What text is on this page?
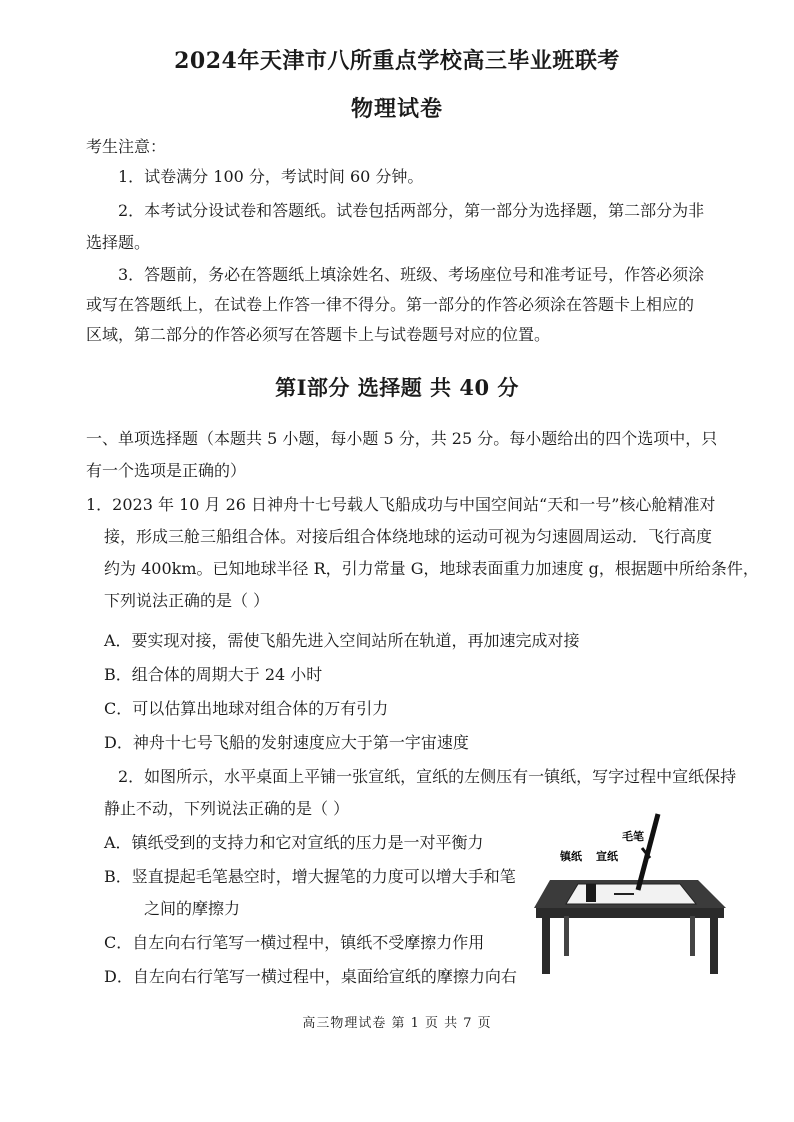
2024年天津市八所重点学校高三毕业班联考
物理试卷
考生注意：
1．试卷满分 100 分，考试时间 60 分钟。
2．本考试分设试卷和答题纸。试卷包括两部分，第一部分为选择题，第二部分为非
选择题。
3．答题前，务必在答题纸上填涂姓名、班级、考场座位号和准考证号，作答必须涂
或写在答题纸上，在试卷上作答一律不得分。第一部分的作答必须涂在答题卡上相应的
区域，第二部分的作答必须写在答题卡上与试卷题号对应的位置。
第Ⅰ部分 选择题 共 40 分
一、单项选择题（本题共 5 小题，每小题 5 分，共 25 分。每小题给出的四个选项中，只
有一个选项是正确的）
1．2023 年 10 月 26 日神舟十七号载人飞船成功与中国空间站“天和一号”核心舱精准对
接，形成三舱三船组合体。对接后组合体绕地球的运动可视为匀速圆周运动．飞行高度
约为 400km。已知地球半径 R，引力常量 G，地球表面重力加速度 g，根据题中所给条件，
下列说法正确的是（ ）
A．要实现对接，需使飞船先进入空间站所在轨道，再加速完成对接
B．组合体的周期大于 24 小时
C．可以估算出地球对组合体的万有引力
D．神舟十七号飞船的发射速度应大于第一宇宙速度
2．如图所示，水平桌面上平铺一张宣纸，宣纸的左侧压有一镇纸，写字过程中宣纸保持
静止不动，下列说法正确的是（ ）
A．镇纸受到的支持力和它对宣纸的压力是一对平衡力
B．竖直提起毛笔悬空时，增大握笔的力度可以增大手和笔
之间的摩擦力
C．自左向右行笔写一横过程中，镇纸不受摩擦力作用
D．自左向右行笔写一横过程中，桌面给宣纸的摩擦力向右
毛笔
镇纸 宣纸
高三物理试卷 第 1 页 共 7 页
